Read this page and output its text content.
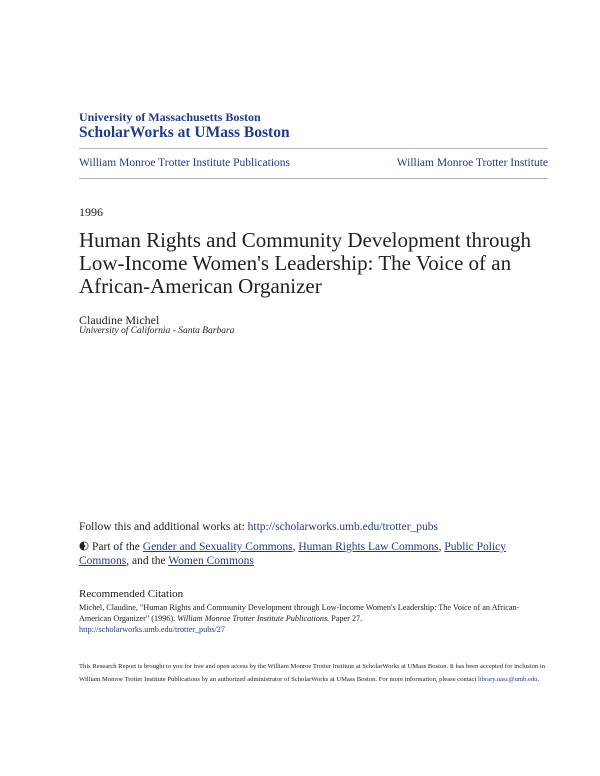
University of Massachusetts Boston
ScholarWorks at UMass Boston
William Monroe Trotter Institute Publications	William Monroe Trotter Institute
1996
Human Rights and Community Development through Low-Income Women's Leadership: The Voice of an African-American Organizer
Claudine Michel
University of California - Santa Barbara
Follow this and additional works at: http://scholarworks.umb.edu/trotter_pubs
Part of the Gender and Sexuality Commons, Human Rights Law Commons, Public Policy Commons, and the Women Commons
Recommended Citation
Michel, Claudine, "Human Rights and Community Development through Low-Income Women's Leadership: The Voice of an African-American Organizer" (1996). William Monroe Trotter Institute Publications. Paper 27.
http://scholarworks.umb.edu/trotter_pubs/27
This Research Report is brought to you for free and open access by the William Monroe Trotter Institute at ScholarWorks at UMass Boston. It has been accepted for inclusion in William Monroe Trotter Institute Publications by an authorized administrator of ScholarWorks at UMass Boston. For more information, please contact library.uasc@umb.edu.
